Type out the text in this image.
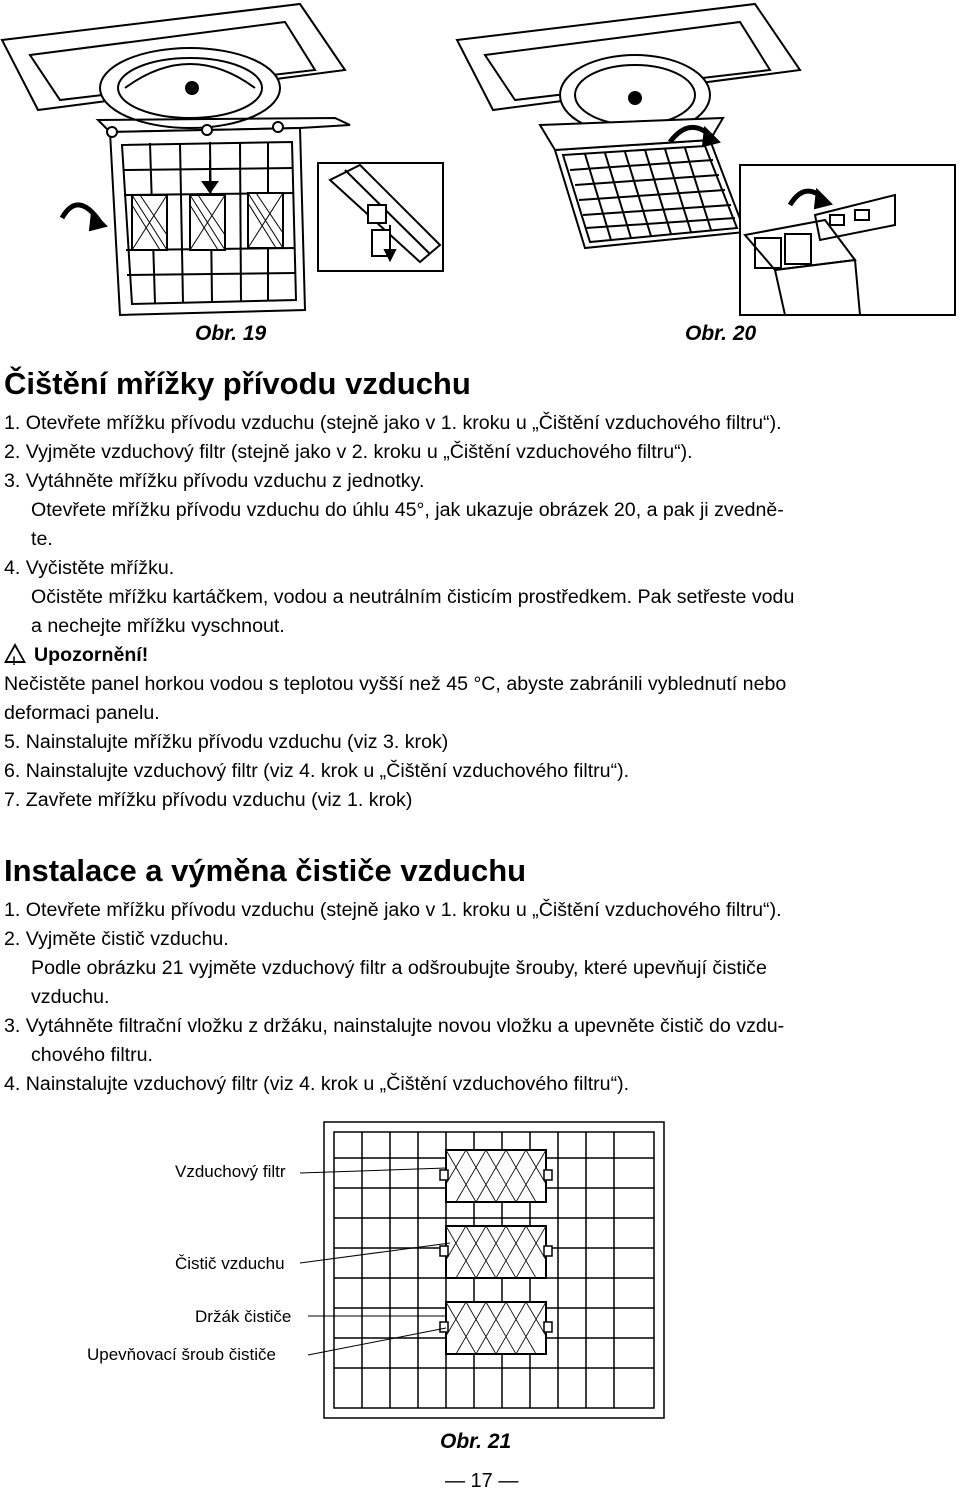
Obr. 19	Obr. 20
Čištění mřížky přívodu vzduchu
1. Otevřete mřížku přívodu vzduchu (stejně jako v 1. kroku u „Čištění vzduchového filtru“).
2. Vyjměte vzduchový filtr (stejně jako v 2. kroku u „Čištění vzduchového filtru“).
3. Vytáhněte mřížku přívodu vzduchu z jednotky.
Otevřete mřížku přívodu vzduchu do úhlu 45°, jak ukazuje obrázek 20, a pak ji zvedně-
te.
4. Vyčistěte mřížku.
Očistěte mřížku kartáčkem, vodou a neutrálním čisticím prostředkem. Pak setřeste vodu
a nechejte mřížku vyschnout.
!Upozornění!
Nečistěte panel horkou vodou s teplotou vyšší než 45 °C, abyste zabránili vyblednutí nebo
deformaci panelu.
5. Nainstalujte mřížku přívodu vzduchu (viz 3. krok)
6. Nainstalujte vzduchový filtr (viz 4. krok u „Čištění vzduchového filtru“).
7. Zavřete mřížku přívodu vzduchu (viz 1. krok)
Instalace a výměna čističe vzduchu
1. Otevřete mřížku přívodu vzduchu (stejně jako v 1. kroku u „Čištění vzduchového filtru“).
2. Vyjměte čistič vzduchu.
Podle obrázku 21 vyjměte vzduchový filtr a odšroubujte šrouby, které upevňují čističe
vzduchu.
3. Vytáhněte filtrační vložku z držáku, nainstalujte novou vložku a upevněte čistič do vzdu-
chového filtru.
4. Nainstalujte vzduchový filtr (viz 4. krok u „Čištění vzduchového filtru“).
Vzduchový filtr
Čistič vzduchu
Držák čističe
Upevňovací šroub čističe
Obr. 21
— 17 —
